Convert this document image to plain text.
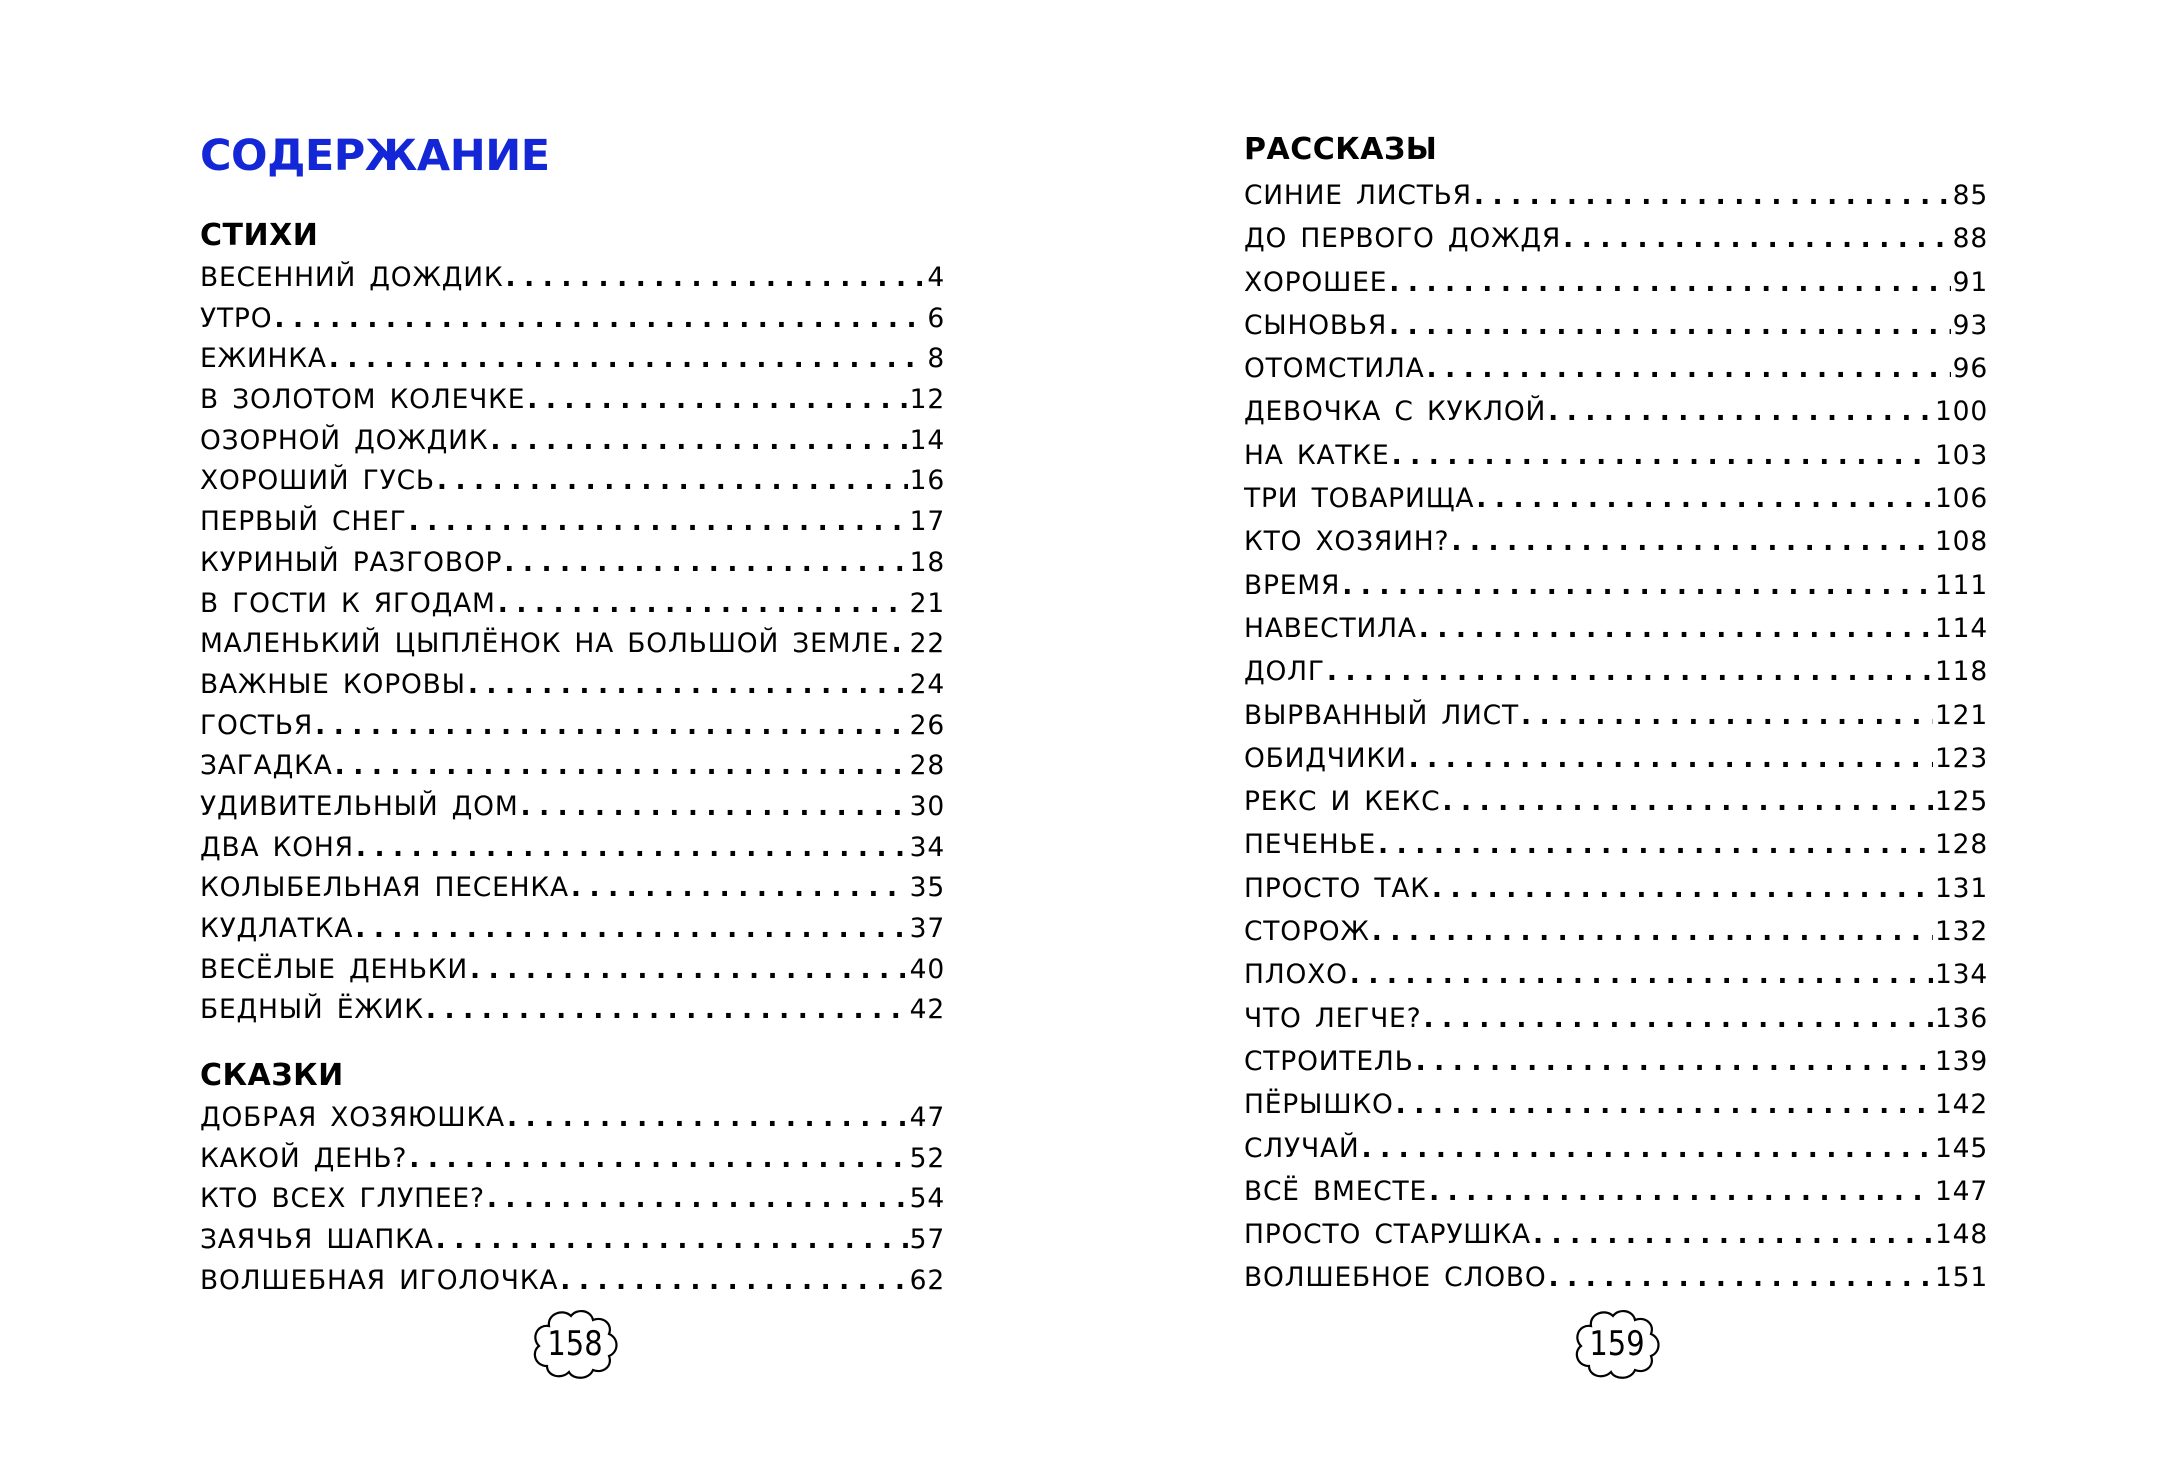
СОДЕРЖАНИЕ
СТИХИ
ВЕСЕННИЙ ДОЖДИК . . .	4
УТРО . . .	6
ЕЖИНКА . . .	8
В ЗОЛОТОМ КОЛЕЧКЕ . . .	12
ОЗОРНОЙ ДОЖДИК . . .	14
ХОРОШИЙ ГУСЬ . . .	16
ПЕРВЫЙ СНЕГ . . .	17
КУРИНЫЙ РАЗГОВОР . . .	18
В ГОСТИ К ЯГОДАМ . . .	21
МАЛЕНЬКИЙ ЦЫПЛЁНОК НА БОЛЬШОЙ ЗЕМЛЕ . . . 22
ВАЖНЫЕ КОРОВЫ . . .	24
ГОСТЬЯ . . .	26
ЗАГАДКА . . .	28
УДИВИТЕЛЬНЫЙ ДОМ . . .	30
ДВА КОНЯ . . .	34
КОЛЫБЕЛЬНАЯ ПЕСЕНКА . . .	35
КУДЛАТКА . . .	37
ВЕСЁЛЫЕ ДЕНЬКИ . . .	40
БЕДНЫЙ ЁЖИК . . .	42
СКАЗКИ
ДОБРАЯ ХОЗЯЮШКА . . .	47
КАКОЙ ДЕНЬ? . . .	52
КТО ВСЕХ ГЛУПЕЕ? . . .	54
ЗАЯЧЬЯ ШАПКА . . .	57
ВОЛШЕБНАЯ ИГОЛОЧКА . . .	62
158
РАССКАЗЫ
СИНИЕ ЛИСТЬЯ . . .	85
ДО ПЕРВОГО ДОЖДЯ . . .	88
ХОРОШЕЕ . . .	91
СЫНОВЬЯ . . .	93
ОТОМСТИЛА . . .	96
ДЕВОЧКА С КУКЛОЙ . . .	100
НА КАТКЕ . . .	103
ТРИ ТОВАРИЩА . . .	106
КТО ХОЗЯИН? . . .	108
ВРЕМЯ . . .	111
НАВЕСТИЛА . . .	114
ДОЛГ . . .	118
ВЫРВАННЫЙ ЛИСТ . . .	121
ОБИДЧИКИ . . .	123
РЕКС И КЕКС . . .	125
ПЕЧЕНЬЕ . . .	128
ПРОСТО ТАК . . .	131
СТОРОЖ . . .	132
ПЛОХО . . .	134
ЧТО ЛЕГЧЕ? . . .	136
СТРОИТЕЛЬ . . .	139
ПЁРЫШКО . . .	142
СЛУЧАЙ . . .	145
ВСЁ ВМЕСТЕ . . .	147
ПРОСТО СТАРУШКА . . .	148
ВОЛШЕБНОЕ СЛОВО . . .	151
159
